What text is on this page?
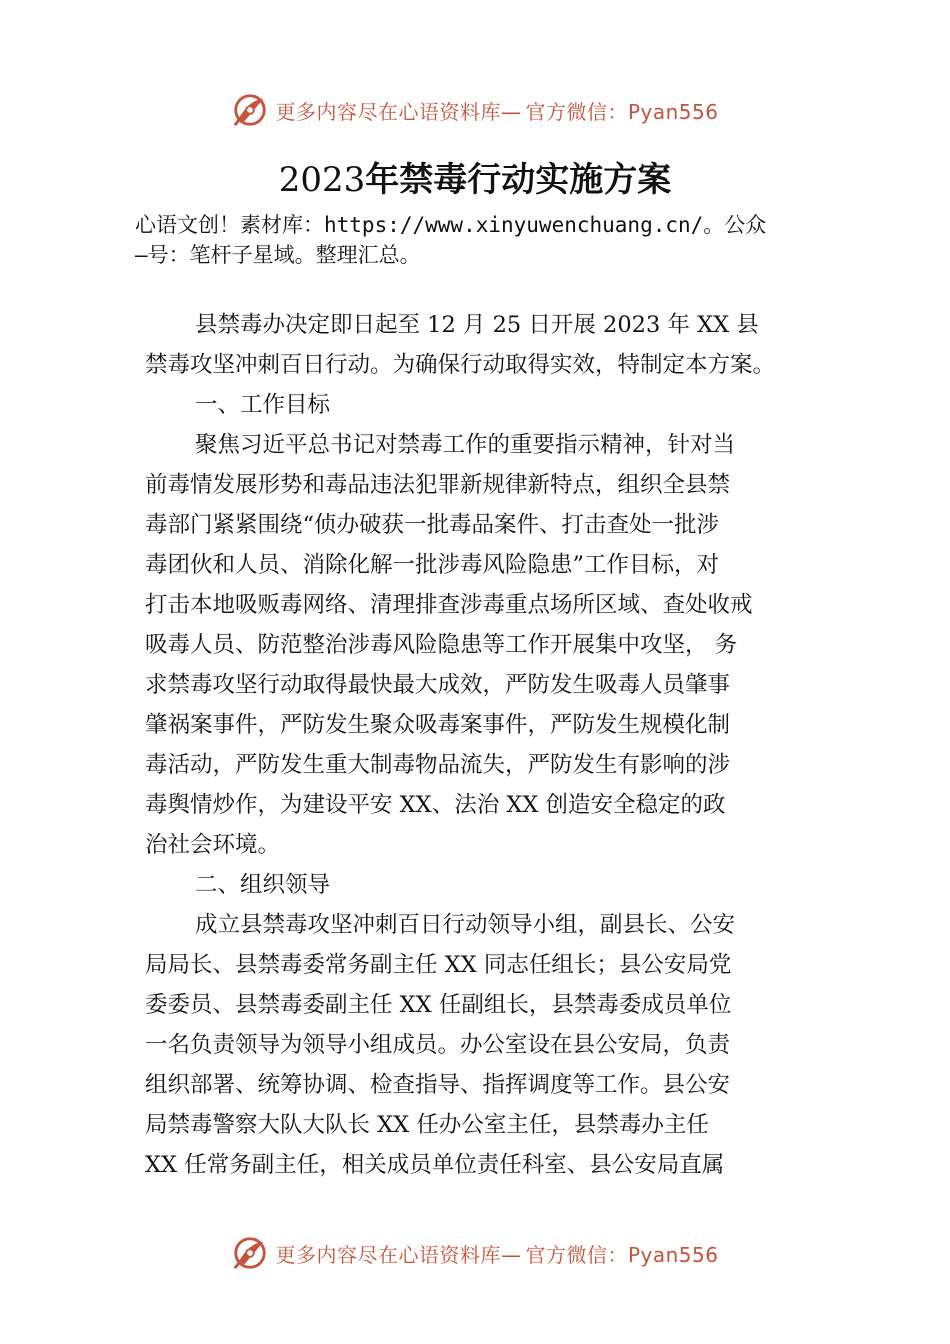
更多内容尽在心语资料库— 官方微信：Pyan556
2023年禁毒行动实施方案
心语文创！素材库：https://www.xinyuwenchuang.cn/。公众
—号：笔杆子星域。整理汇总。
县禁毒办决定即日起至 12 月 25 日开展 2023 年 XX 县
禁毒攻坚冲刺百日行动。为确保行动取得实效，特制定本方案。
一、工作目标
聚焦习近平总书记对禁毒工作的重要指示精神，针对当
前毒情发展形势和毒品违法犯罪新规律新特点，组织全县禁
毒部门紧紧围绕“侦办破获一批毒品案件、打击查处一批涉
毒团伙和人员、消除化解一批涉毒风险隐患”工作目标，对
打击本地吸贩毒网络、清理排查涉毒重点场所区域、查处收戒
吸毒人员、防范整治涉毒风险隐患等工作开展集中攻坚， 务
求禁毒攻坚行动取得最快最大成效，严防发生吸毒人员肇事
肇祸案事件，严防发生聚众吸毒案事件，严防发生规模化制
毒活动，严防发生重大制毒物品流失，严防发生有影响的涉
毒舆情炒作，为建设平安 XX、法治 XX 创造安全稳定的政
治社会环境。
二、组织领导
成立县禁毒攻坚冲刺百日行动领导小组，副县长、公安
局局长、县禁毒委常务副主任 XX 同志任组长；县公安局党
委委员、县禁毒委副主任 XX 任副组长，县禁毒委成员单位
一名负责领导为领导小组成员。办公室设在县公安局，负责
组织部署、统筹协调、检查指导、指挥调度等工作。县公安
局禁毒警察大队大队长 XX 任办公室主任，县禁毒办主任
XX 任常务副主任，相关成员单位责任科室、县公安局直属
更多内容尽在心语资料库— 官方微信：Pyan556
